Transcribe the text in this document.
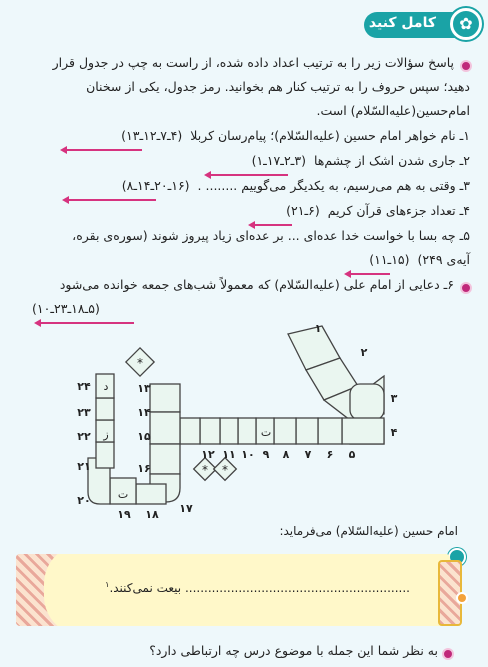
کامل کنید ✿
پاسخ سؤالات زیر را به ترتیب اعداد داده شده، از راست به چپ در جدول قرار
دهید؛ سپس حروف را به ترتیب کنار هم بخوانید. رمز جدول، یکی از سخنان
امام‌حسین(علیه‌السّلام) است.
۱ـ نام خواهر امام حسین (علیه‌السّلام)؛ پیام‌رسان کربلا (۴ـ۷ـ۱۲ـ۱۳)
۲ـ جاری شدن اشک از چشم‌ها (۳ـ۲ـ۱۷ـ۱)
۳ـ وقتی به هم می‌رسیم، به یکدیگر می‌گوییم ........ . (۱۶ـ۲۰ـ۱۴ـ۸)
۴ـ تعداد جزءهای قرآن کریم (۶ـ۲۱)
۵ـ چه بسا با خواست خدا عده‌ای ... بر عده‌ای زیاد پیروز شوند (سوره‌ی بقره،
آیه‌ی ۲۴۹) (۱۵ـ۱۱)
۶ـ دعایی از امام علی (علیه‌السّلام) که معمولاً شب‌های جمعه خوانده می‌شود
(۵ـ۱۸ـ۲۳ـ۱۰)
۱
۲
۳
۴
۵
۶
۷
۸
۹
۱۰
۱۱
۱۲
۱۳
۱۴
۱۵
۱۶
۱۷
۱۸
۱۹
۲۰
۲۱
۲۲
۲۳
۲۴ د
ز	ت
ت
*
* *
امام حسین (علیه‌السّلام) می‌فرماید:
........................................................... بیعت نمی‌کنند.$^۱$
به نظر شما این جمله با موضوع درس چه ارتباطی دارد؟
